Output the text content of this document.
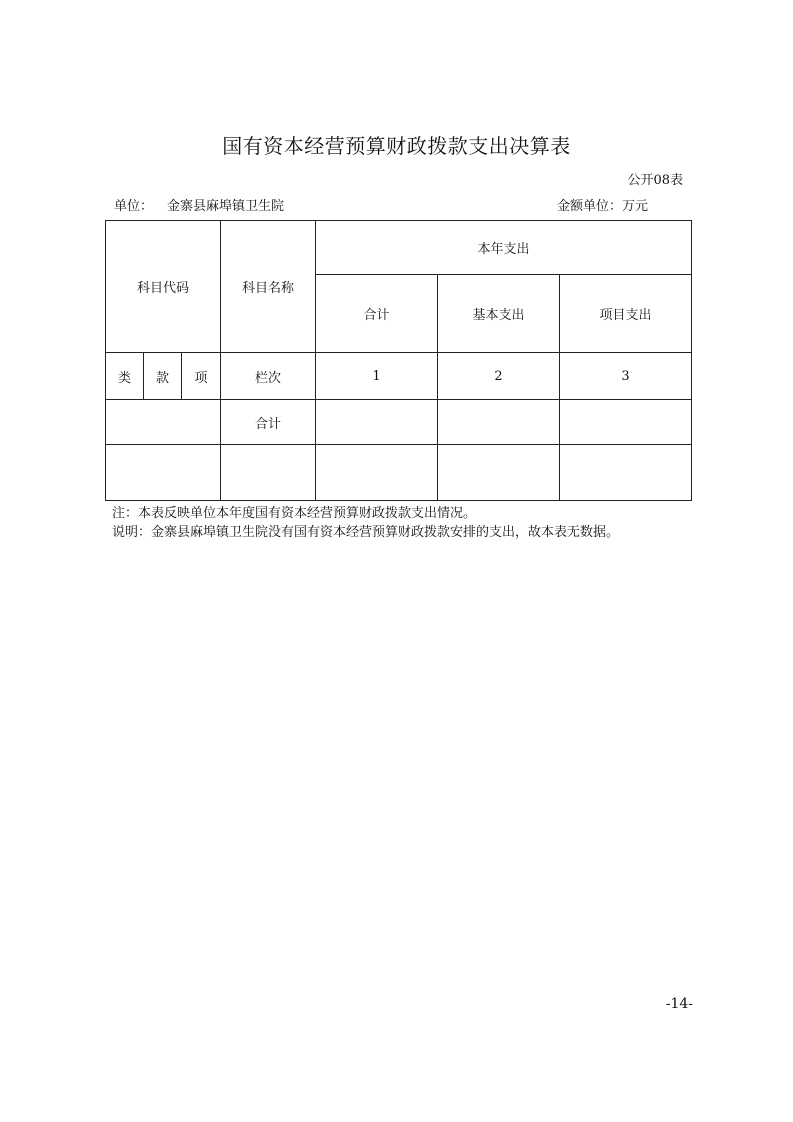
国有资本经营预算财政拨款支出决算表
公开08表
单位： 金寨县麻埠镇卫生院	金额单位：万元
科目代码			科目名称	本年支出		
				合计	基本支出	项目支出
类	款	项	栏次	1	2	3
			合计			

注：本表反映单位本年度国有资本经营预算财政拨款支出情况。
说明：金寨县麻埠镇卫生院没有国有资本经营预算财政拨款安排的支出，故本表无数据。
-14-
